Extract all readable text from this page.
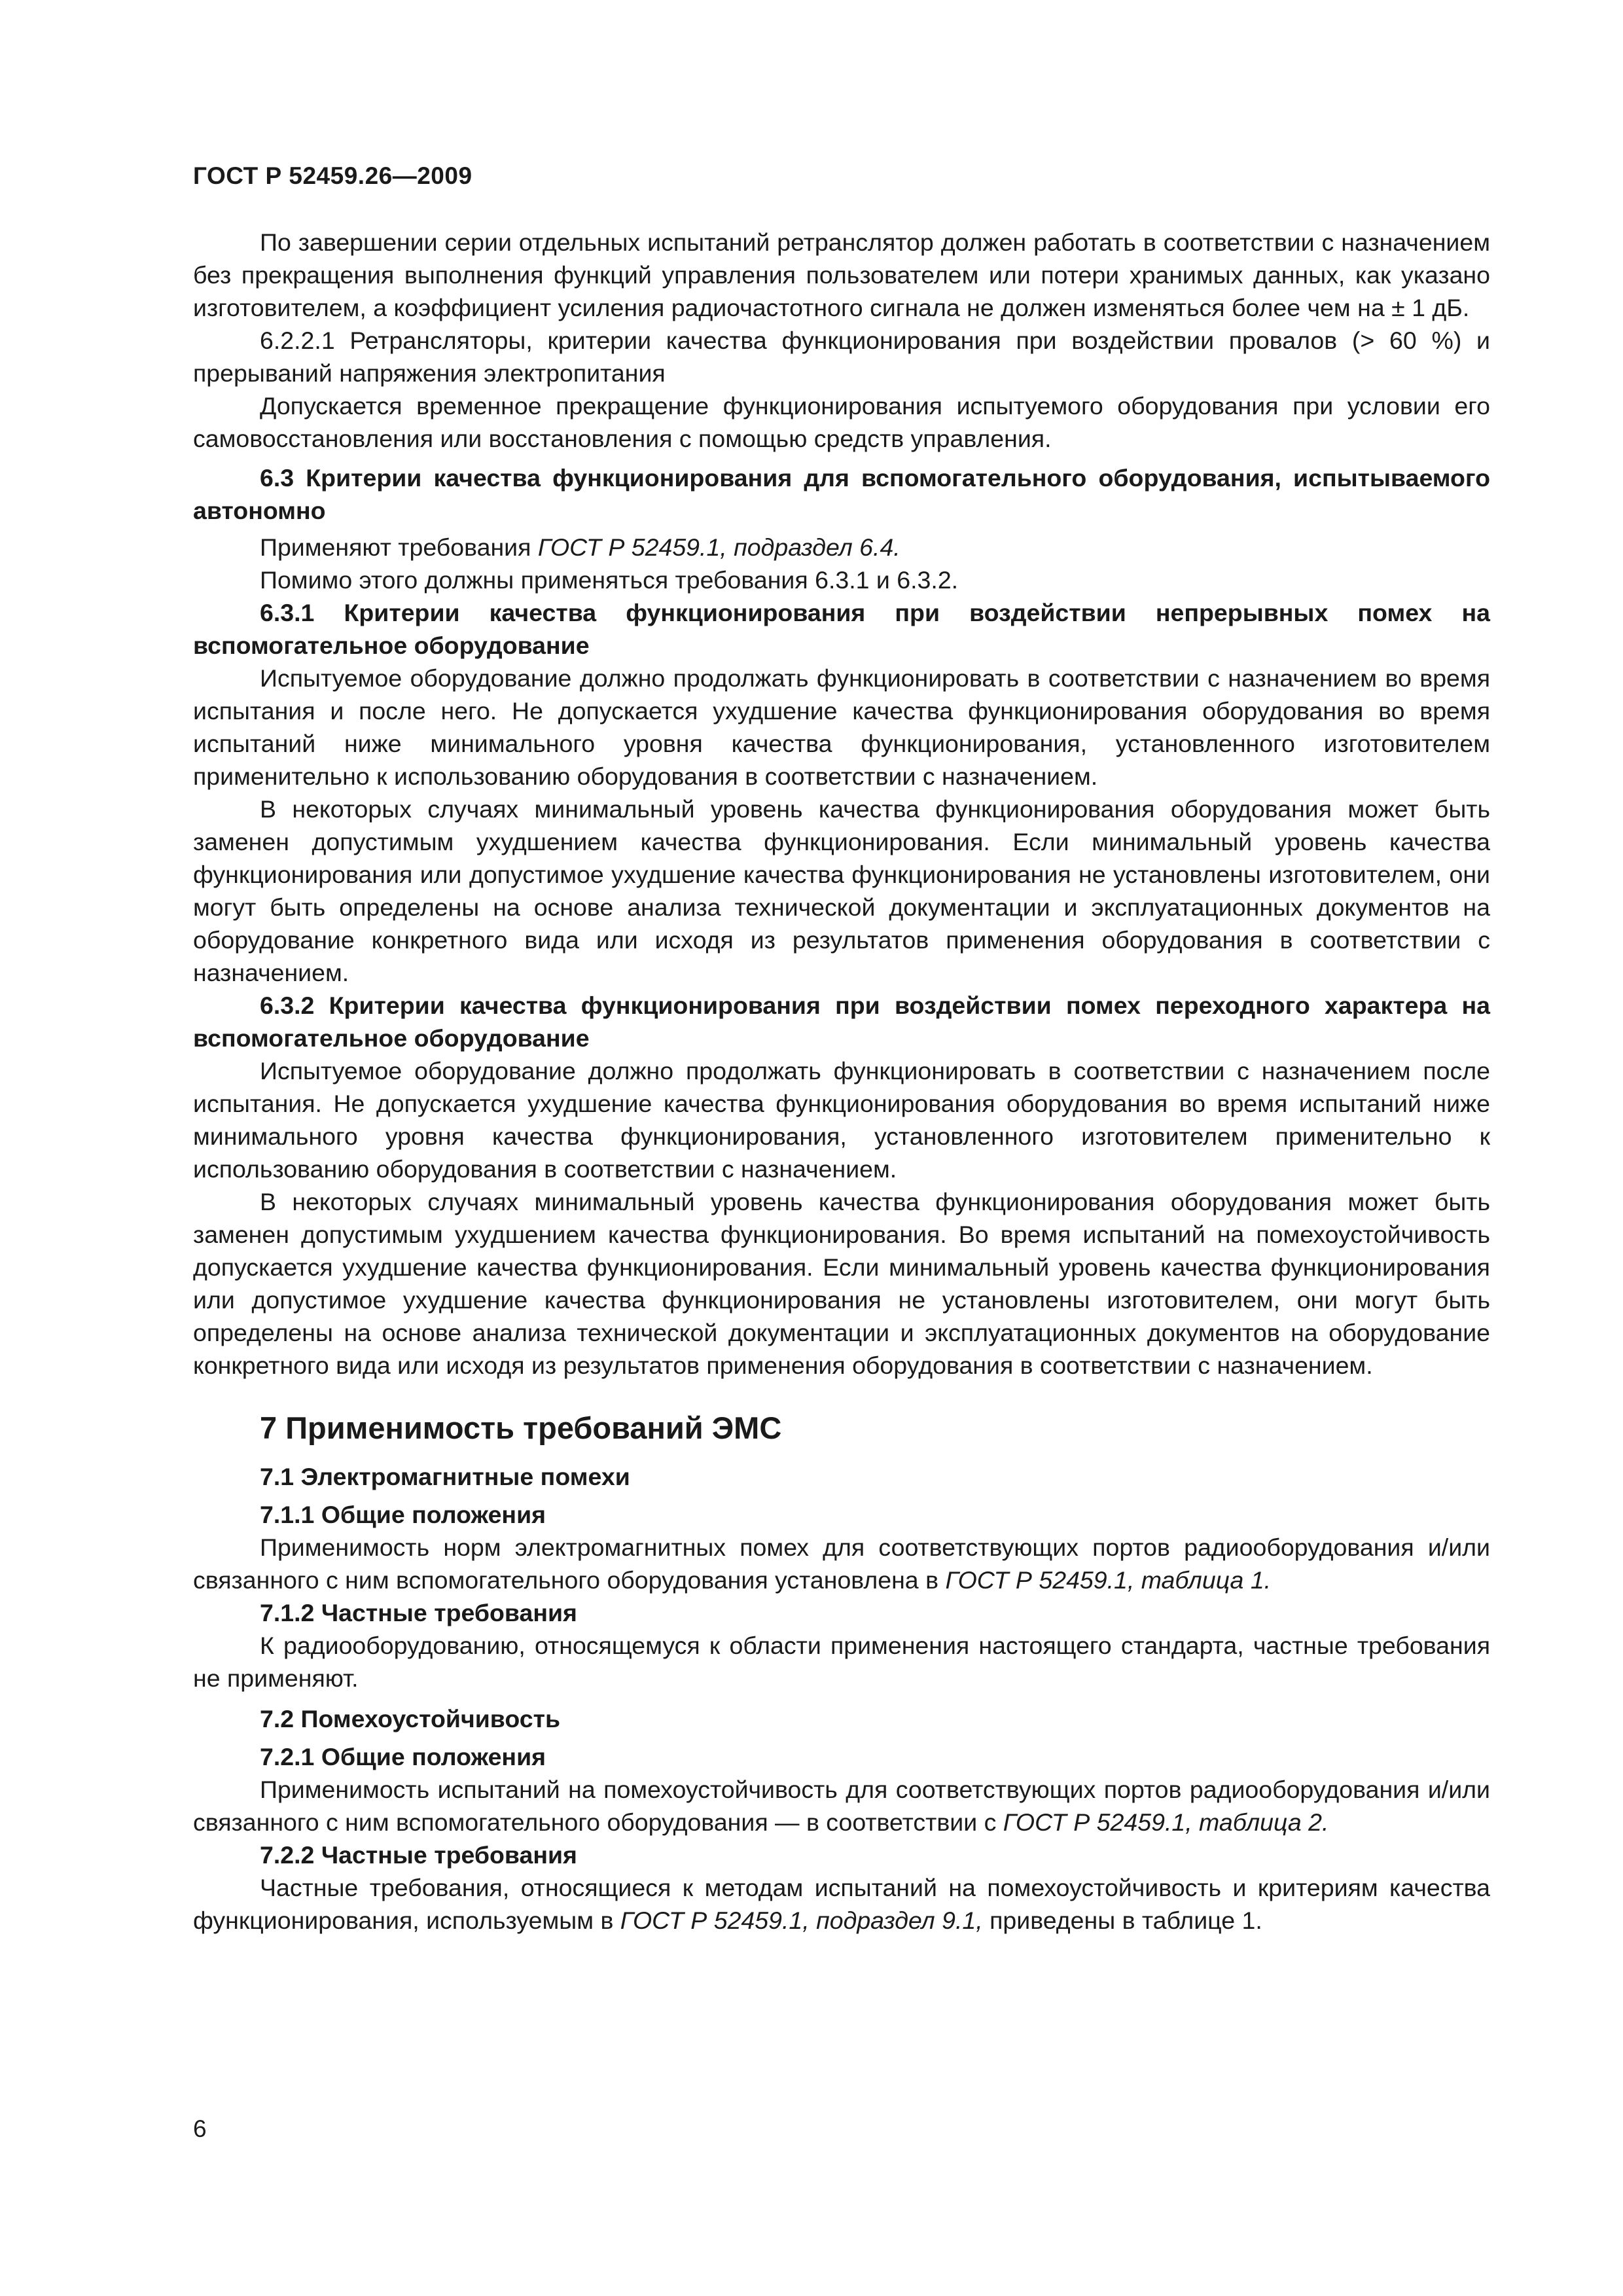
ГОСТ Р 52459.26—2009

По завершении серии отдельных испытаний ретранслятор должен работать в соответствии с назначением без прекращения выполнения функций управления пользователем или потери хранимых данных, как указано изготовителем, а коэффициент усиления радиочастотного сигнала не должен изменяться более чем на ± 1 дБ.

6.2.2.1 Ретрансляторы, критерии качества функционирования при воздействии провалов (> 60 %) и прерываний напряжения электропитания

Допускается временное прекращение функционирования испытуемого оборудования при условии его самовосстановления или восстановления с помощью средств управления.

6.3 Критерии качества функционирования для вспомогательного оборудования, испытываемого автономно

Применяют требования ГОСТ Р 52459.1, подраздел 6.4.

Помимо этого должны применяться требования 6.3.1 и 6.3.2.

6.3.1 Критерии качества функционирования при воздействии непрерывных помех на вспомогательное оборудование

Испытуемое оборудование должно продолжать функционировать в соответствии с назначением во время испытания и после него. Не допускается ухудшение качества функционирования оборудования во время испытаний ниже минимального уровня качества функционирования, установленного изготовителем применительно к использованию оборудования в соответствии с назначением.

В некоторых случаях минимальный уровень качества функционирования оборудования может быть заменен допустимым ухудшением качества функционирования. Если минимальный уровень качества функционирования или допустимое ухудшение качества функционирования не установлены изготовителем, они могут быть определены на основе анализа технической документации и эксплуатационных документов на оборудование конкретного вида или исходя из результатов применения оборудования в соответствии с назначением.

6.3.2 Критерии качества функционирования при воздействии помех переходного характера на вспомогательное оборудование

Испытуемое оборудование должно продолжать функционировать в соответствии с назначением после испытания. Не допускается ухудшение качества функционирования оборудования во время испытаний ниже минимального уровня качества функционирования, установленного изготовителем применительно к использованию оборудования в соответствии с назначением.

В некоторых случаях минимальный уровень качества функционирования оборудования может быть заменен допустимым ухудшением качества функционирования. Во время испытаний на помехоустойчивость допускается ухудшение качества функционирования. Если минимальный уровень качества функционирования или допустимое ухудшение качества функционирования не установлены изготовителем, они могут быть определены на основе анализа технической документации и эксплуатационных документов на оборудование конкретного вида или исходя из результатов применения оборудования в соответствии с назначением.

7 Применимость требований ЭМС

7.1 Электромагнитные помехи

7.1.1 Общие положения

Применимость норм электромагнитных помех для соответствующих портов радиооборудования и/или связанного с ним вспомогательного оборудования установлена в ГОСТ Р 52459.1, таблица 1.

7.1.2 Частные требования

К радиооборудованию, относящемуся к области применения настоящего стандарта, частные требования не применяют.

7.2 Помехоустойчивость

7.2.1 Общие положения

Применимость испытаний на помехоустойчивость для соответствующих портов радиооборудования и/или связанного с ним вспомогательного оборудования — в соответствии с ГОСТ Р 52459.1, таблица 2.

7.2.2 Частные требования

Частные требования, относящиеся к методам испытаний на помехоустойчивость и критериям качества функционирования, используемым в ГОСТ Р 52459.1, подраздел 9.1, приведены в таблице 1.

6
